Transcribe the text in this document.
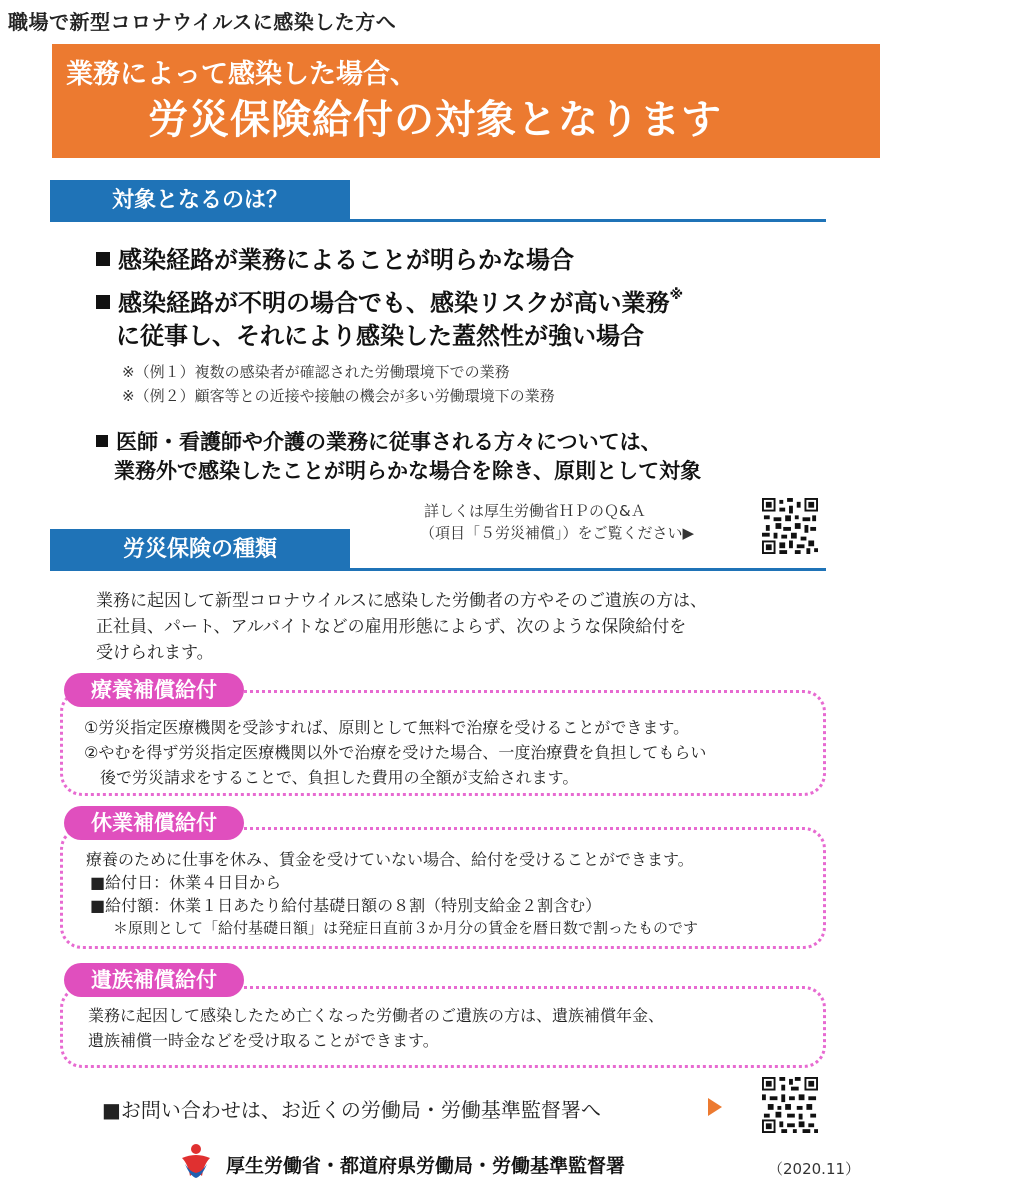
職場で新型コロナウイルスに感染した方へ
業務によって感染した場合、
労災保険給付の対象となります
対象となるのは？
感染経路が業務によることが明らかな場合
感染経路が不明の場合でも、感染リスクが高い業務※
に従事し、それにより感染した蓋然性が強い場合
※（例１）複数の感染者が確認された労働環境下での業務
※（例２）顧客等との近接や接触の機会が多い労働環境下の業務
医師・看護師や介護の業務に従事される方々については、
業務外で感染したことが明らかな場合を除き、原則として対象
詳しくは厚生労働省ＨＰのＱ&Ａ
（項目「５労災補償」）をご覧ください▶
労災保険の種類
業務に起因して新型コロナウイルスに感染した労働者の方やそのご遺族の方は、
正社員、パート、アルバイトなどの雇用形態によらず、次のような保険給付を
受けられます。
療養補償給付
①労災指定医療機関を受診すれば、原則として無料で治療を受けることができます。
②やむを得ず労災指定医療機関以外で治療を受けた場合、一度治療費を負担してもらい
　後で労災請求をすることで、負担した費用の全額が支給されます。
休業補償給付
療養のために仕事を休み、賃金を受けていない場合、給付を受けることができます。
■給付日：休業４日目から
■給付額：休業１日あたり給付基礎日額の８割（特別支給金２割含む）
　＊原則として「給付基礎日額」は発症日直前３か月分の賃金を暦日数で割ったものです
遺族補償給付
業務に起因して感染したため亡くなった労働者のご遺族の方は、遺族補償年金、
遺族補償一時金などを受け取ることができます。
■お問い合わせは、お近くの労働局・労働基準監督署へ
厚生労働省・都道府県労働局・労働基準監督署	（2020.11）
